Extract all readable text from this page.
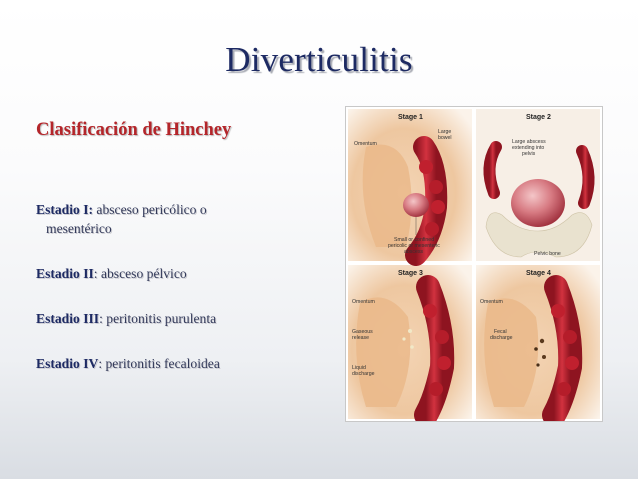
Diverticulitis
Clasificación de Hinchey
Estadio I: absceso pericólico o
mesentérico
Estadio II: absceso pélvico
Estadio III: peritonitis purulenta
Estadio IV: peritonitis fecaloidea
Stage 1
Omentum
Large
bowel
Small or confined
pericolic or mesenteric
abscess
Stage 2
Large abscess
extending into
pelvis
Pelvic bone
Stage 3
Omentum
Gaseous
release
Liquid
discharge
Stage 4
Omentum
Fecal
discharge
